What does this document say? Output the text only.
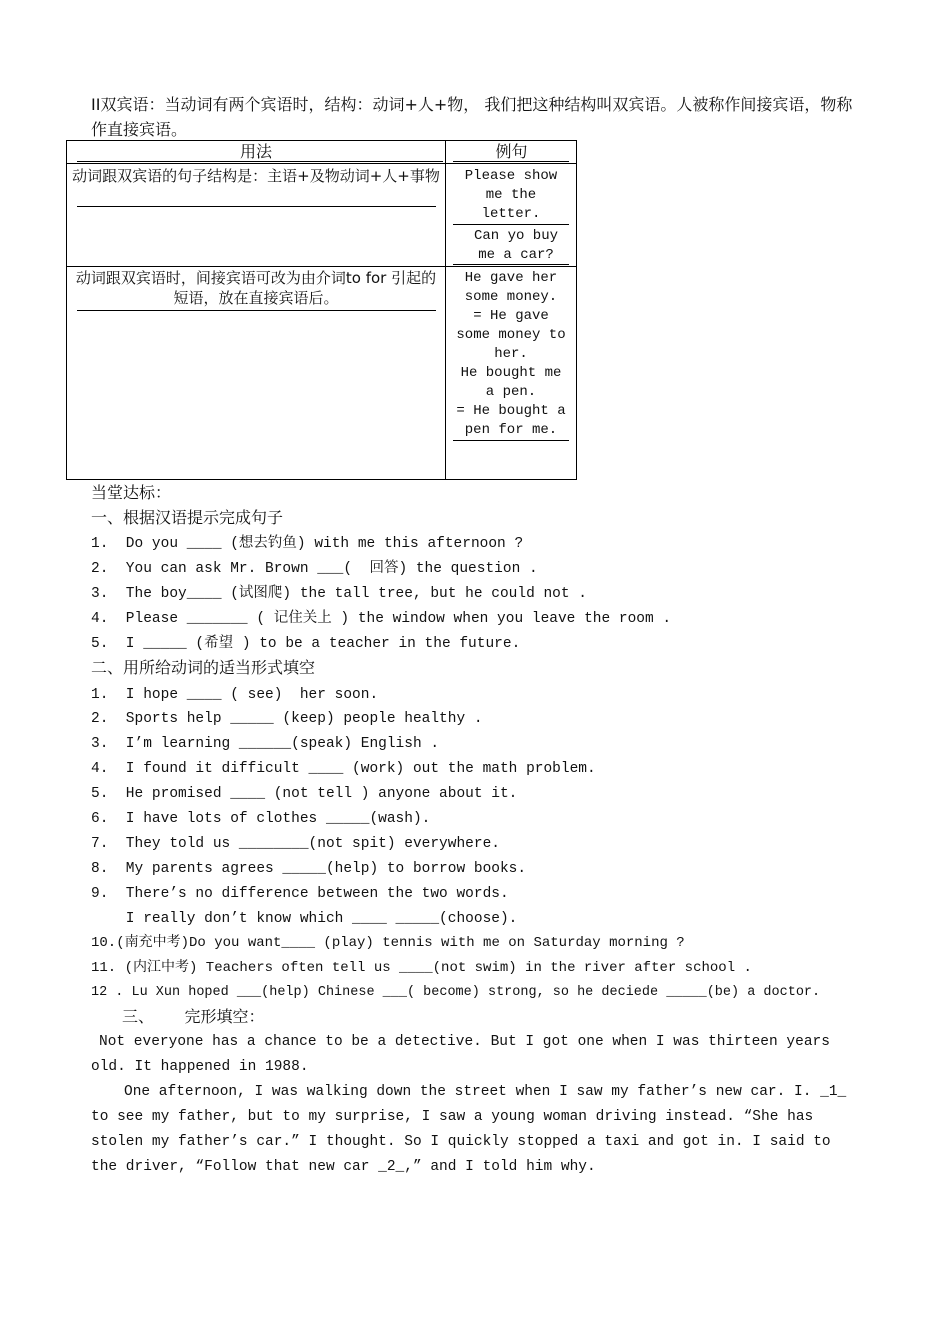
II双宾语：当动词有两个宾语时，结构：动词+人+物， 我们把这种结构叫双宾语。人被称作间接宾语，物称作直接宾语。
用法	例句
动词跟双宾语的句子结构是：主语+及物动词+人+事物	Please show me the letter.
Can yo buy me a car?
动词跟双宾语时，间接宾语可改为由介词to for 引起的短语，放在直接宾语后。
He gave her some money.
= He gave some money to her.
He bought me a pen.
= He bought a pen for me.
当堂达标：
一、根据汉语提示完成句子
1.  Do you ____ (想去钓鱼) with me this afternoon ?
2.  You can ask Mr. Brown ___(  回答) the question .
3.  The boy____ (试图爬) the tall tree, but he could not .
4.  Please _______ ( 记住关上 ) the window when you leave the room .
5.  I _____ (希望 ) to be a teacher in the future.
二、用所给动词的适当形式填空
1.  I hope ____ ( see)  her soon.
2.  Sports help _____ (keep) people healthy .
3.  I’m learning ______(speak) English .
4.  I found it difficult ____ (work) out the math problem.
5.  He promised ____ (not tell ) anyone about it.
6.  I have lots of clothes _____(wash).
7.  They told us ________(not spit) everywhere.
8.  My parents agrees _____(help) to borrow books.
9.  There’s no difference between the two words.
I really don’t know which ____ _____(choose).
10.(南充中考)Do you want____ (play) tennis with me on Saturday morning ?
11. (内江中考) Teachers often tell us ____(not swim) in the river after school .
12 . Lu Xun hoped ___(help) Chinese ___( become) strong, so he deciede _____(be) a doctor.
三、      完形填空：
Not everyone has a chance to be a detective. But I got one when I was thirteen years old. It happened in 1988.
One afternoon, I was walking down the street when I saw my father’s new car. I. _1_ to see my father, but to my surprise, I saw a young woman driving instead. “She has stolen my father’s car.” I thought. So I quickly stopped a taxi and got in. I said to the driver, “Follow that new car _2_,” and I told him why.
